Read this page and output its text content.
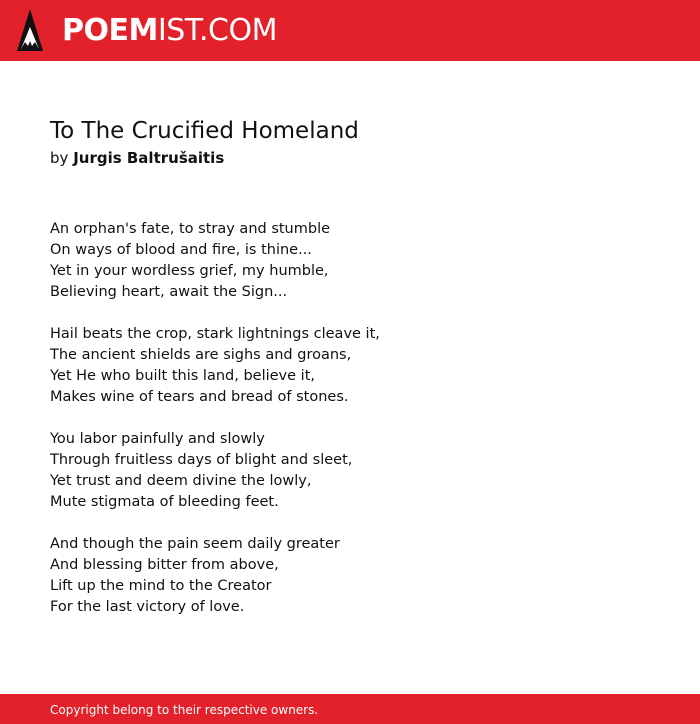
POEMIST.COM
To The Crucified Homeland
by Jurgis Baltrušaitis
An orphan's fate, to stray and stumble
On ways of blood and fire, is thine...
Yet in your wordless grief, my humble,
Believing heart, await the Sign...
Hail beats the crop, stark lightnings cleave it,
The ancient shields are sighs and groans,
Yet He who built this land, believe it,
Makes wine of tears and bread of stones.
You labor painfully and slowly
Through fruitless days of blight and sleet,
Yet trust and deem divine the lowly,
Mute stigmata of bleeding feet.
And though the pain seem daily greater
And blessing bitter from above,
Lift up the mind to the Creator
For the last victory of love.
Copyright belong to their respective owners.
